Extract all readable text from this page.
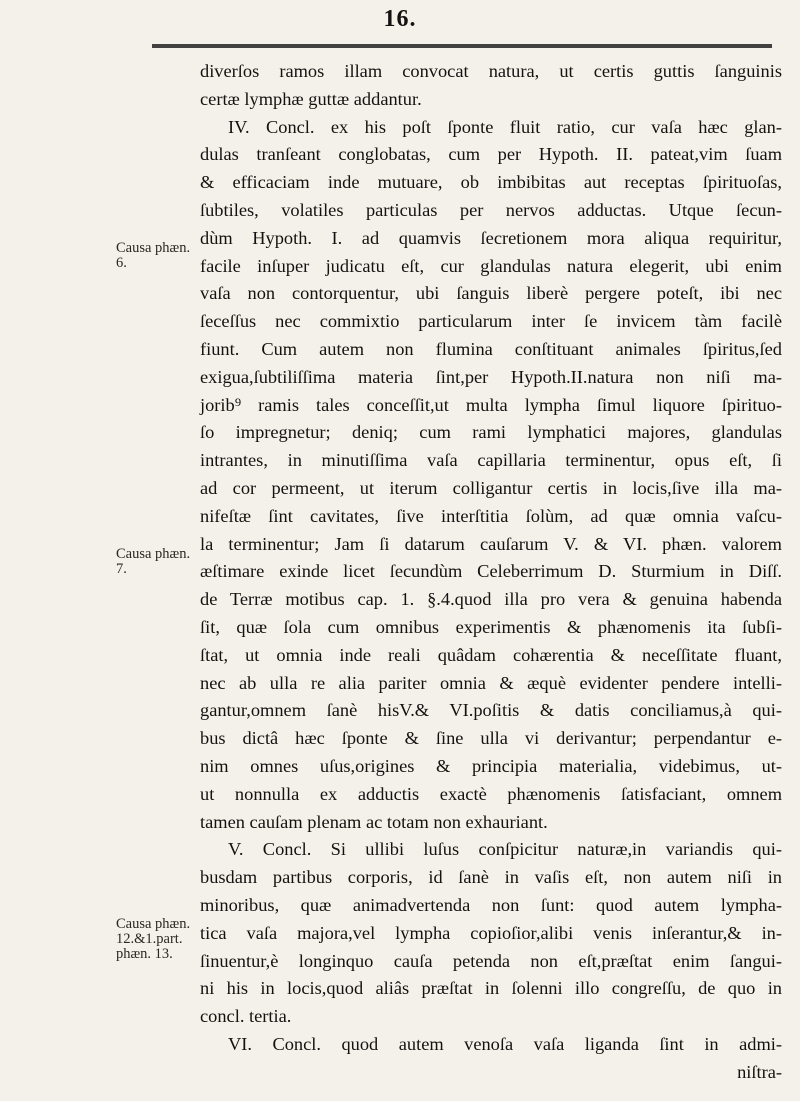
16.
Causa phæn. 6.
Causa phæn. 7.
Causa phæn. 12.&1.part. phæn. 13.
diverſos ramos illam convocat natura, ut certis guttis ſanguinis
certæ lymphæ guttæ addantur.
IV. Concl. ex his poſt ſponte fluit ratio, cur vaſa hæc glan-
dulas tranſeant conglobatas, cum per Hypoth. II. pateat,vim ſuam
& efficaciam inde mutuare, ob imbibitas aut receptas ſpirituoſas,
ſubtiles, volatiles particulas per nervos adductas. Utque ſecun-
dùm Hypoth. I. ad quamvis ſecretionem mora aliqua requiritur,
facile inſuper judicatu eſt, cur glandulas natura elegerit, ubi enim
vaſa non contorquentur, ubi ſanguis liberè pergere poteſt, ibi nec
ſeceſſus nec commixtio particularum inter ſe invicem tàm facilè
fiunt. Cum autem non flumina conſtituant animales ſpiritus,ſed
exigua,ſubtiliſſima materia ſint,per Hypoth.II.natura non niſi ma-
jorib⁹ ramis tales conceſſit,ut multa lympha ſimul liquore ſpirituo-
ſo impregnetur; deniq; cum rami lymphatici majores, glandulas
intrantes, in minutiſſima vaſa capillaria terminentur, opus eſt, ſi
ad cor permeent, ut iterum colligantur certis in locis,ſive illa ma-
nifeſtæ ſint cavitates, ſive interſtitia ſolùm, ad quæ omnia vaſcu-
la terminentur; Jam ſi datarum cauſarum V. & VI. phæn. valorem
æſtimare exinde licet ſecundùm Celeberrimum D. Sturmium in Diſſ.
de Terræ motibus cap. 1. §.4.quod illa pro vera & genuina habenda
ſit, quæ ſola cum omnibus experimentis & phænomenis ita ſubſi-
ſtat, ut omnia inde reali quâdam cohærentia & neceſſitate fluant,
nec ab ulla re alia pariter omnia & æquè evidenter pendere intelli-
gantur,omnem ſanè hisV.& VI.poſitis & datis conciliamus,à qui-
bus dictâ hæc ſponte & ſine ulla vi derivantur; perpendantur e-
nim omnes uſus,origines & principia materialia, videbimus, ut-
ut nonnulla ex adductis exactè phænomenis ſatisfaciant, omnem
tamen cauſam plenam ac totam non exhauriant.
V. Concl. Si ullibi luſus conſpicitur naturæ,in variandis qui-
busdam partibus corporis, id ſanè in vaſis eſt, non autem niſi in
minoribus, quæ animadvertenda non ſunt: quod autem lympha-
tica vaſa majora,vel lympha copioſior,alibi venis inſerantur,& in-
ſinuentur,è longinquo cauſa petenda non eſt,præſtat enim ſangui-
ni his in locis,quod aliâs præſtat in ſolenni illo congreſſu, de quo in
concl. tertia.
VI. Concl. quod autem venoſa vaſa liganda ſint in admi-
niſtra-
